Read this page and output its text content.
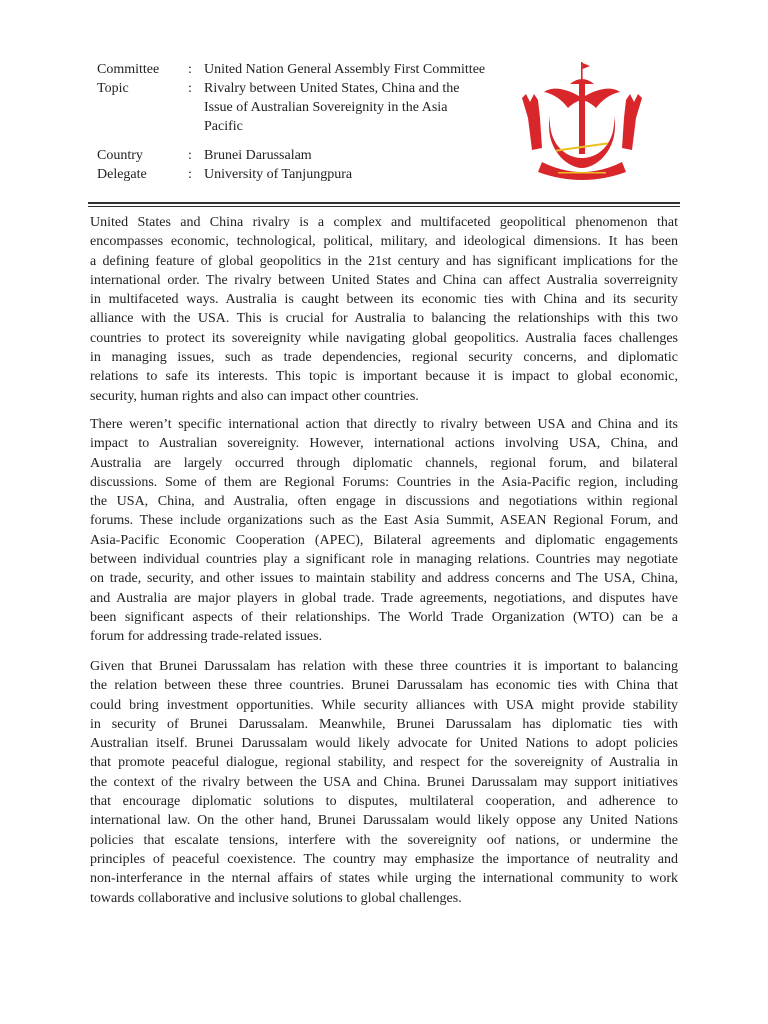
Committee	: United Nation General Assembly First Committee
Topic	: Rivalry between United States, China and the
Issue of Australian Sovereignity in the Asia
Pacific
Country	: Brunei Darussalam
Delegate	: University of Tanjungpura
United States and China rivalry is a complex and multifaceted geopolitical phenomenon that
encompasses economic, technological, political, military, and ideological dimensions. It has been
a defining feature of global geopolitics in the 21st century and has significant implications for the
international order. The rivalry between United States and China can affect Australia soverreignity
in multifaceted ways. Australia is caught between its economic ties with China and its security
alliance with the USA. This is crucial for Australia to balancing the relationships with this two
countries to protect its sovereignity while navigating global geopolitics. Australia faces challenges
in managing issues, such as trade dependencies, regional security concerns, and diplomatic
relations to safe its interests. This topic is important because it is impact to global economic,
security, human rights and also can impact other countries.
There weren’t specific international action that directly to rivalry between USA and China and its
impact to Australian sovereignity. However, international actions involving USA, China, and
Australia are largely occurred through diplomatic channels, regional forum, and bilateral
discussions. Some of them are Regional Forums: Countries in the Asia-Pacific region, including
the USA, China, and Australia, often engage in discussions and negotiations within regional
forums. These include organizations such as the East Asia Summit, ASEAN Regional Forum, and
Asia-Pacific Economic Cooperation (APEC), Bilateral agreements and diplomatic engagements
between individual countries play a significant role in managing relations. Countries may negotiate
on trade, security, and other issues to maintain stability and address concerns and The USA, China,
and Australia are major players in global trade. Trade agreements, negotiations, and disputes have
been significant aspects of their relationships. The World Trade Organization (WTO) can be a
forum for addressing trade-related issues.
Given that Brunei Darussalam has relation with these three countries it is important to balancing
the relation between these three countries. Brunei Darussalam has economic ties with China that
could bring investment opportunities. While security alliances with USA might provide stability
in security of Brunei Darussalam. Meanwhile, Brunei Darussalam has diplomatic ties with
Australian itself. Brunei Darussalam would likely advocate for United Nations to adopt policies
that promote peaceful dialogue, regional stability, and respect for the sovereignity of Australia in
the context of the rivalry between the USA and China. Brunei Darussalam may support initiatives
that encourage diplomatic solutions to disputes, multilateral cooperation, and adherence to
international law. On the other hand, Brunei Darussalam would likely oppose any United Nations
policies that escalate tensions, interfere with the sovereignity oof nations, or undermine the
principles of peaceful coexistence. The country may emphasize the importance of neutrality and
non-interferance in the nternal affairs of states while urging the international community to work
towards collaborative and inclusive solutions to global challenges.
